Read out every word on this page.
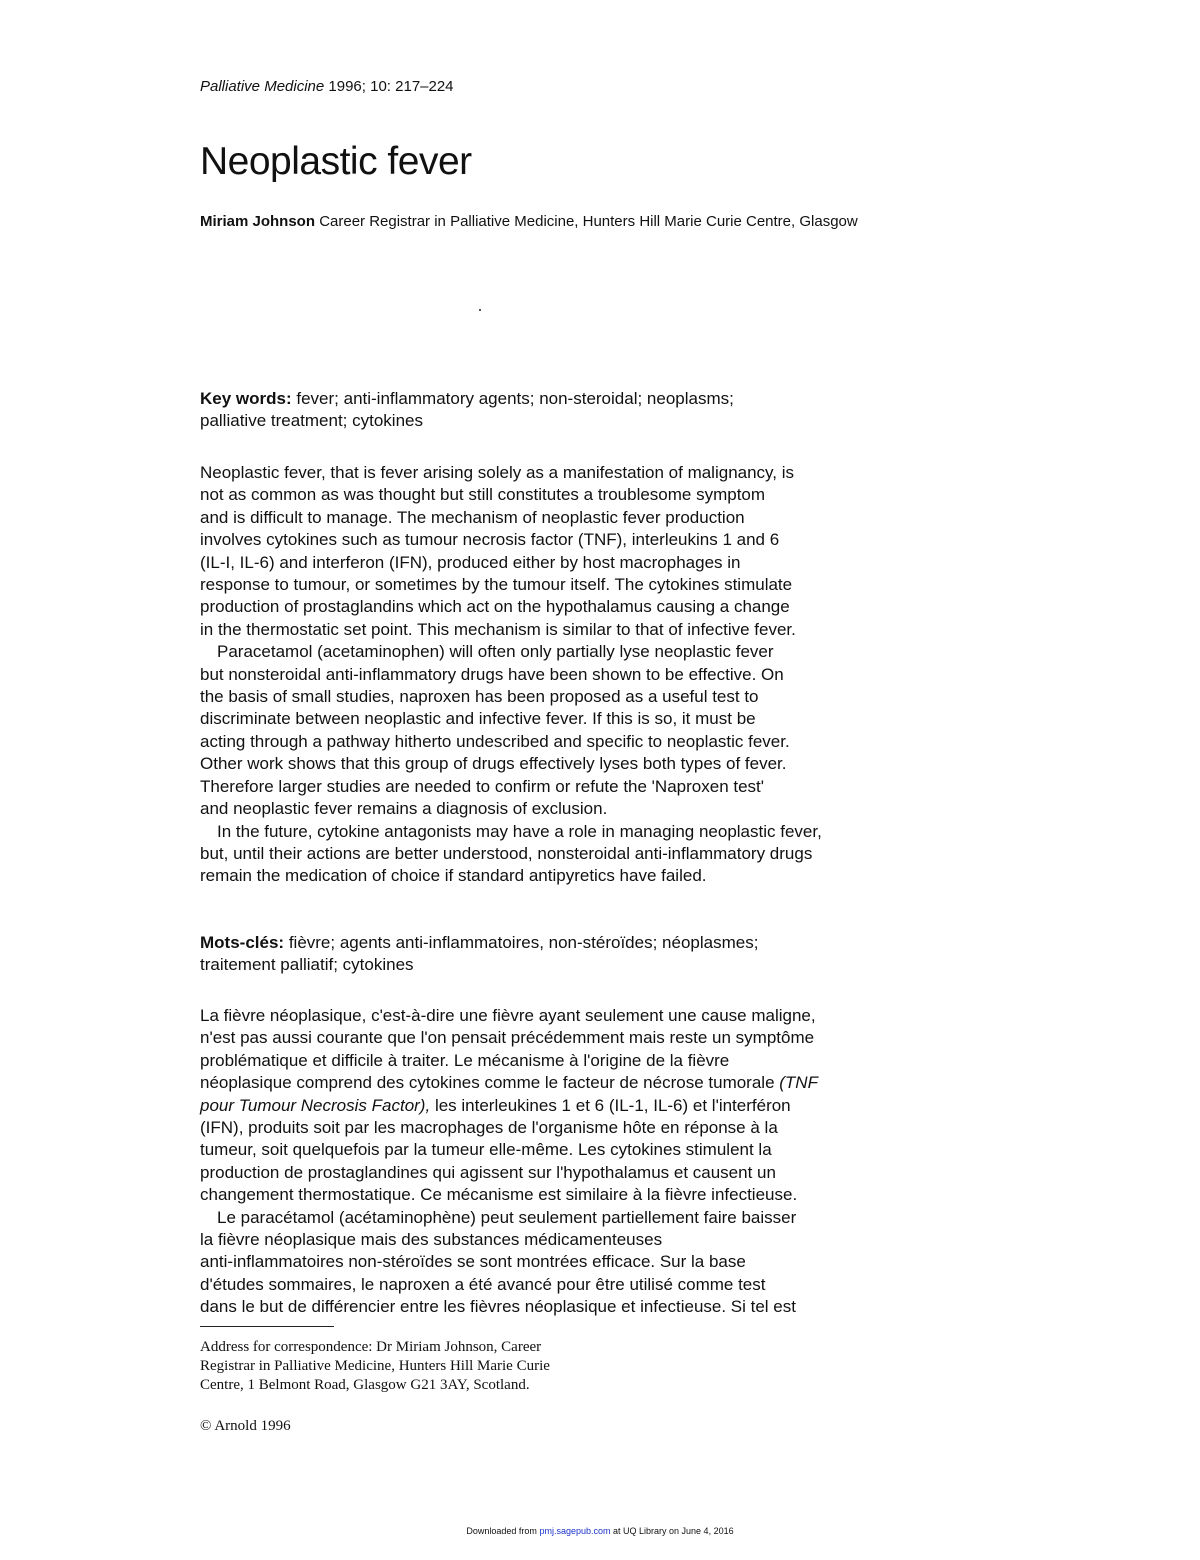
Palliative Medicine 1996; 10: 217–224
Neoplastic fever
Miriam Johnson Career Registrar in Palliative Medicine, Hunters Hill Marie Curie Centre, Glasgow
Key words: fever; anti-inflammatory agents; non-steroidal; neoplasms;
palliative treatment; cytokines

Neoplastic fever, that is fever arising solely as a manifestation of malignancy, is
not as common as was thought but still constitutes a troublesome symptom
and is difficult to manage. The mechanism of neoplastic fever production
involves cytokines such as tumour necrosis factor (TNF), interleukins 1 and 6
(IL-I, IL-6) and interferon (IFN), produced either by host macrophages in
response to tumour, or sometimes by the tumour itself. The cytokines stimulate
production of prostaglandins which act on the hypothalamus causing a change
in the thermostatic set point. This mechanism is similar to that of infective fever.

Paracetamol (acetaminophen) will often only partially lyse neoplastic fever
but nonsteroidal anti-inflammatory drugs have been shown to be effective. On
the basis of small studies, naproxen has been proposed as a useful test to
discriminate between neoplastic and infective fever. If this is so, it must be
acting through a pathway hitherto undescribed and specific to neoplastic fever.
Other work shows that this group of drugs effectively lyses both types of fever.
Therefore larger studies are needed to confirm or refute the 'Naproxen test'
and neoplastic fever remains a diagnosis of exclusion.

In the future, cytokine antagonists may have a role in managing neoplastic fever,
but, until their actions are better understood, nonsteroidal anti-inflammatory drugs
remain the medication of choice if standard antipyretics have failed.

Mots-clés: fièvre; agents anti-inflammatoires, non-stéroïdes; néoplasmes;
traitement palliatif; cytokines

La fièvre néoplasique, c'est-à-dire une fièvre ayant seulement une cause maligne,
n'est pas aussi courante que l'on pensait précédemment mais reste un symptôme
problématique et difficile à traiter. Le mécanisme à l'origine de la fièvre
néoplasique comprend des cytokines comme le facteur de nécrose tumorale (TNF
pour Tumour Necrosis Factor), les interleukines 1 et 6 (IL-1, IL-6) et l'interféron
(IFN), produits soit par les macrophages de l'organisme hôte en réponse à la
tumeur, soit quelquefois par la tumeur elle-même. Les cytokines stimulent la
production de prostaglandines qui agissent sur l'hypothalamus et causent un
changement thermostatique. Ce mécanisme est similaire à la fièvre infectieuse.

Le paracétamol (acétaminophène) peut seulement partiellement faire baisser
la fièvre néoplasique mais des substances médicamenteuses
anti-inflammatoires non-stéroïdes se sont montrées efficace. Sur la base
d'études sommaires, le naproxen a été avancé pour être utilisé comme test
dans le but de différencier entre les fièvres néoplasique et infectieuse. Si tel est

Address for correspondence: Dr Miriam Johnson, Career
Registrar in Palliative Medicine, Hunters Hill Marie Curie
Centre, 1 Belmont Road, Glasgow G21 3AY, Scotland.
© Arnold 1996
Downloaded from pmj.sagepub.com at UQ Library on June 4, 2016
